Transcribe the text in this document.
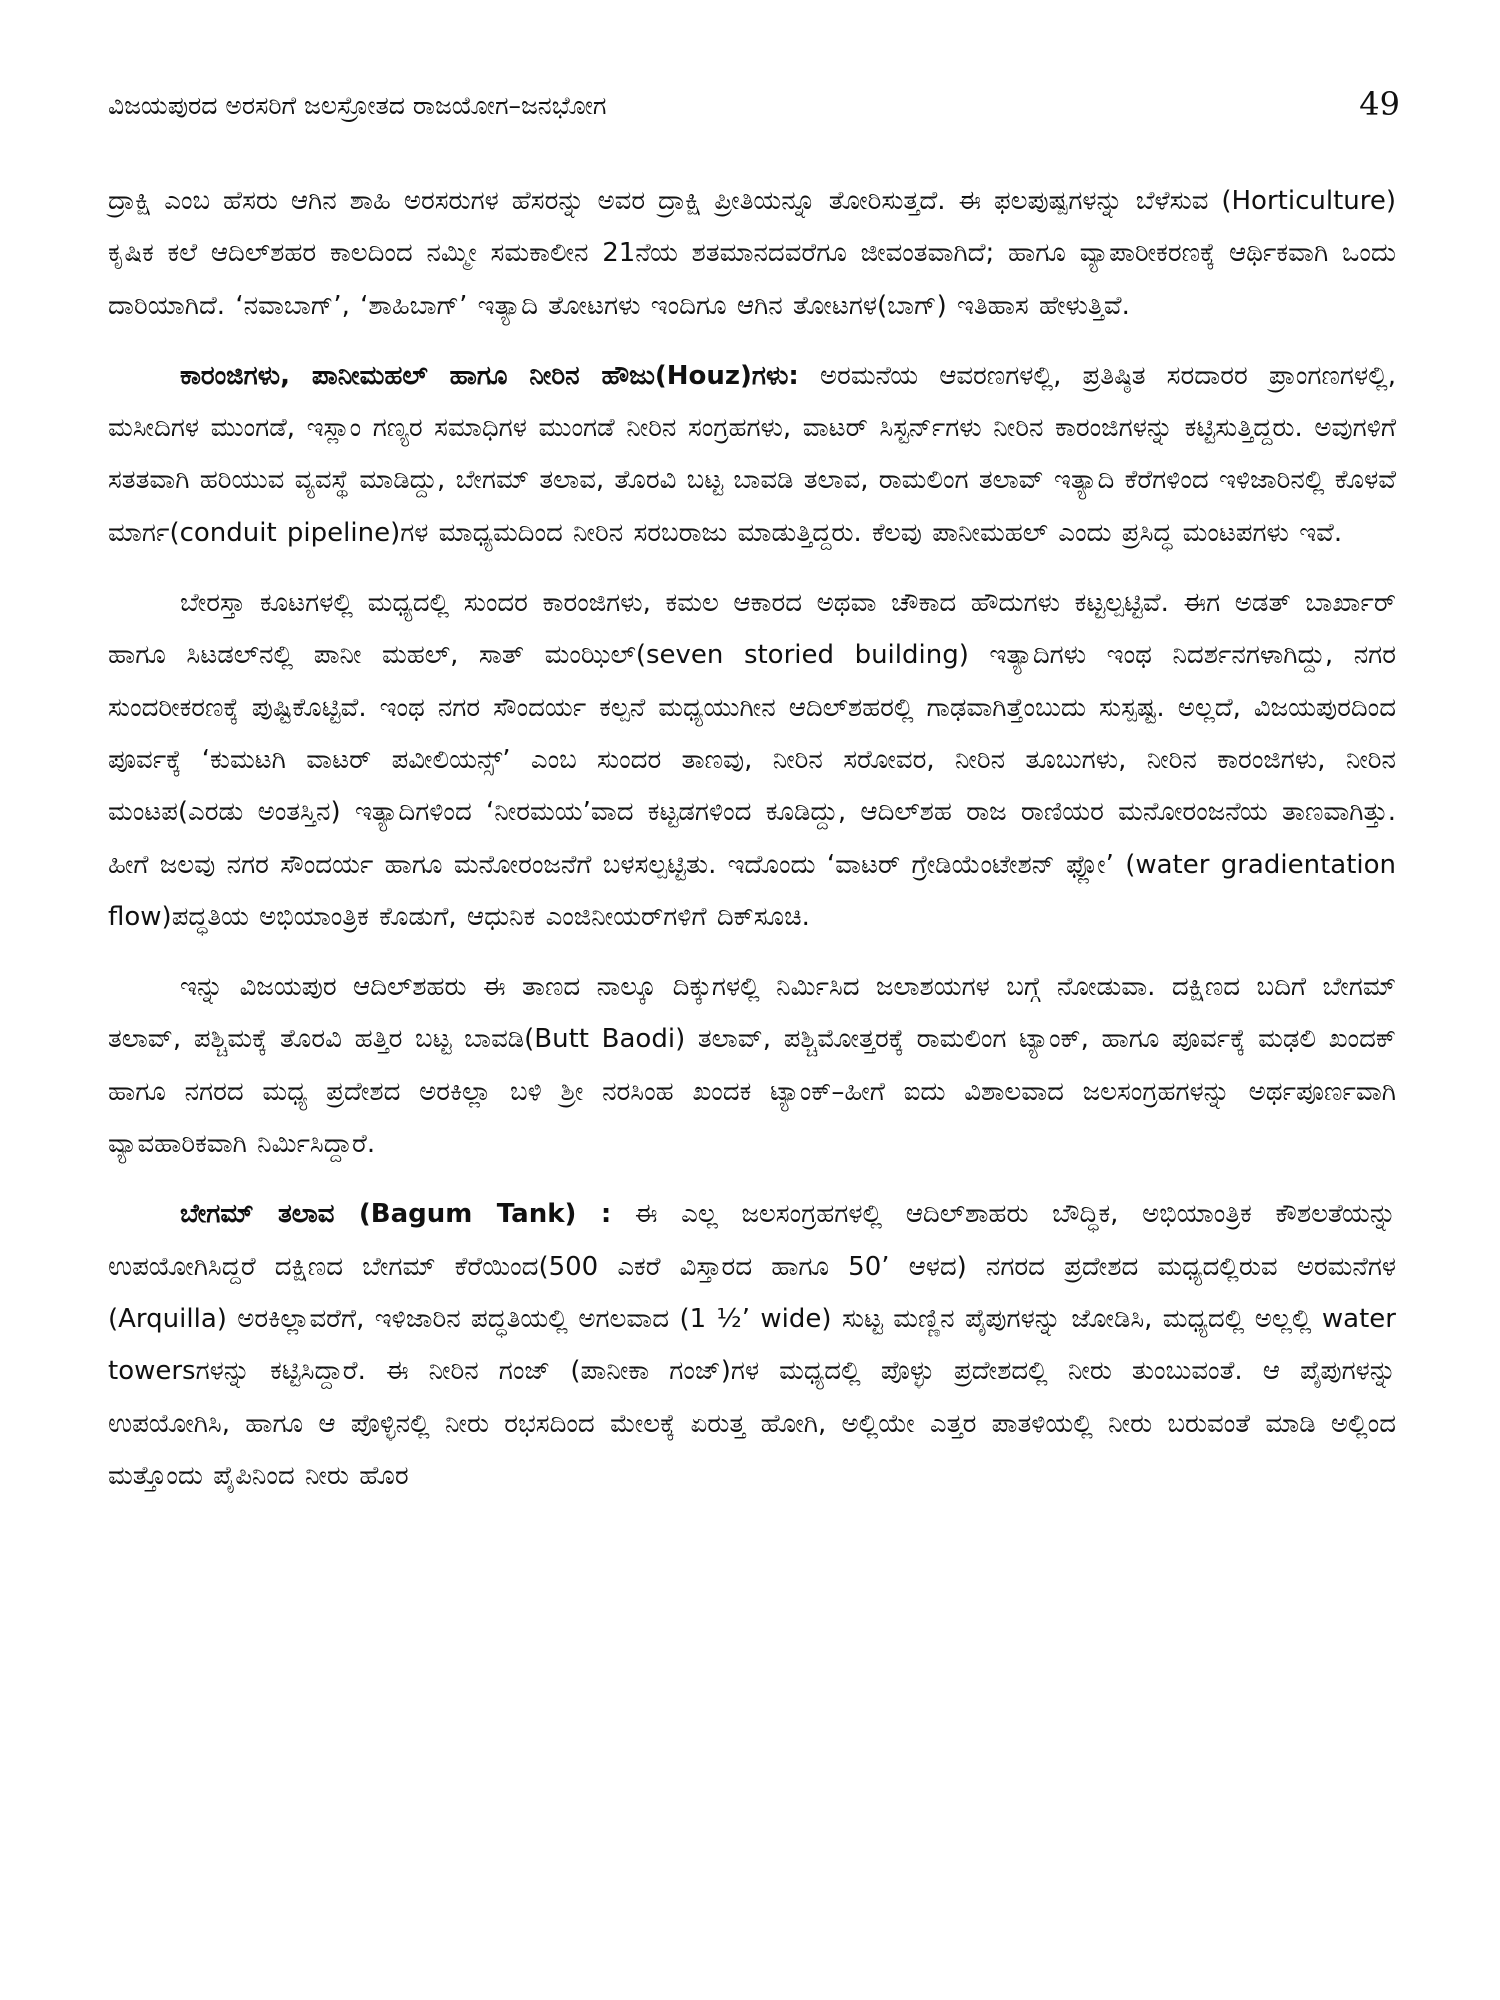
ವಿಜಯಪುರದ ಅರಸರಿಗೆ ಜಲಸ್ರೋತದ ರಾಜಯೋಗ–ಜನಭೋಗ	49

ದ್ರಾಕ್ಷಿ ಎಂಬ ಹೆಸರು ಆಗಿನ ಶಾಹಿ ಅರಸರುಗಳ ಹೆಸರನ್ನು ಅವರ ದ್ರಾಕ್ಷಿ ಪ್ರೀತಿಯನ್ನೂ ತೋರಿಸುತ್ತದೆ. ಈ ಫಲಪುಷ್ಪಗಳನ್ನು ಬೆಳೆಸುವ (Horticulture) ಕೃಷಿಕ ಕಲೆ ಆದಿಲ್‌ಶಹರ ಕಾಲದಿಂದ ನಮ್ಮೀ ಸಮಕಾಲೀನ 21ನೆಯ ಶತಮಾನದವರೆಗೂ ಜೀವಂತವಾಗಿದೆ; ಹಾಗೂ ವ್ಯಾಪಾರೀಕರಣಕ್ಕೆ ಆರ್ಥಿಕವಾಗಿ ಒಂದು ದಾರಿಯಾಗಿದೆ. ‘ನವಾಬಾಗ್’, ‘ಶಾಹಿಬಾಗ್’ ಇತ್ಯಾದಿ ತೋಟಗಳು ಇಂದಿಗೂ ಆಗಿನ ತೋಟಗಳ(ಬಾಗ್) ಇತಿಹಾಸ ಹೇಳುತ್ತಿವೆ.

ಕಾರಂಜಿಗಳು, ಪಾನೀಮಹಲ್ ಹಾಗೂ ನೀರಿನ ಹೌಜು(Houz)ಗಳು: ಅರಮನೆಯ ಆವರಣಗಳಲ್ಲಿ, ಪ್ರತಿಷ್ಠಿತ ಸರದಾರರ ಪ್ರಾಂಗಣಗಳಲ್ಲಿ, ಮಸೀದಿಗಳ ಮುಂಗಡೆ, ಇಸ್ಲಾಂ ಗಣ್ಯರ ಸಮಾಧಿಗಳ ಮುಂಗಡೆ ನೀರಿನ ಸಂಗ್ರಹಗಳು, ವಾಟರ್ ಸಿಸ್ಟರ್ನ್‌ಗಳು ನೀರಿನ ಕಾರಂಜಿಗಳನ್ನು ಕಟ್ಟಿಸುತ್ತಿದ್ದರು. ಅವುಗಳಿಗೆ ಸತತವಾಗಿ ಹರಿಯುವ ವ್ಯವಸ್ಥೆ ಮಾಡಿದ್ದು, ಬೇಗಮ್ ತಲಾವ, ತೊರವಿ ಬಟ್ಟ ಬಾವಡಿ ತಲಾವ, ರಾಮಲಿಂಗ ತಲಾವ್ ಇತ್ಯಾದಿ ಕೆರೆಗಳಿಂದ ಇಳಿಜಾರಿನಲ್ಲಿ ಕೊಳವೆ ಮಾರ್ಗ(conduit pipeline)ಗಳ ಮಾಧ್ಯಮದಿಂದ ನೀರಿನ ಸರಬರಾಜು ಮಾಡುತ್ತಿದ್ದರು. ಕೆಲವು ಪಾನೀಮಹಲ್ ಎಂದು ಪ್ರಸಿದ್ಧ ಮಂಟಪಗಳು ಇವೆ.

ಬೇರಸ್ತಾ ಕೂಟಗಳಲ್ಲಿ ಮಧ್ಯದಲ್ಲಿ ಸುಂದರ ಕಾರಂಜಿಗಳು, ಕಮಲ ಆಕಾರದ ಅಥವಾ ಚೌಕಾದ ಹೌದುಗಳು ಕಟ್ಟಲ್ಪಟ್ಟಿವೆ. ಈಗ ಅಡತ್ ಬಾರ್ಖಾರ್ ಹಾಗೂ ಸಿಟಡಲ್‌ನಲ್ಲಿ ಪಾನೀ ಮಹಲ್, ಸಾತ್ ಮಂಝಿಲ್(seven storied building) ಇತ್ಯಾದಿಗಳು ಇಂಥ ನಿದರ್ಶನಗಳಾಗಿದ್ದು, ನಗರ ಸುಂದರೀಕರಣಕ್ಕೆ ಪುಷ್ಟಿಕೊಟ್ಟಿವೆ. ಇಂಥ ನಗರ ಸೌಂದರ್ಯ ಕಲ್ಪನೆ ಮಧ್ಯಯುಗೀನ ಆದಿಲ್‌ಶಹರಲ್ಲಿ ಗಾಢವಾಗಿತ್ತೆಂಬುದು ಸುಸ್ಪಷ್ಟ. ಅಲ್ಲದೆ, ವಿಜಯಪುರದಿಂದ ಪೂರ್ವಕ್ಕೆ ‘ಕುಮಟಗಿ ವಾಟರ್ ಪವೀಲಿಯನ್ಸ್’ ಎಂಬ ಸುಂದರ ತಾಣವು, ನೀರಿನ ಸರೋವರ, ನೀರಿನ ತೂಬುಗಳು, ನೀರಿನ ಕಾರಂಜಿಗಳು, ನೀರಿನ ಮಂಟಪ(ಎರಡು ಅಂತಸ್ತಿನ) ಇತ್ಯಾದಿಗಳಿಂದ ‘ನೀರಮಯ’ವಾದ ಕಟ್ಟಡಗಳಿಂದ ಕೂಡಿದ್ದು, ಆದಿಲ್‌ಶಹ ರಾಜ ರಾಣಿಯರ ಮನೋರಂಜನೆಯ ತಾಣವಾಗಿತ್ತು. ಹೀಗೆ ಜಲವು ನಗರ ಸೌಂದರ್ಯ ಹಾಗೂ ಮನೋರಂಜನೆಗೆ ಬಳಸಲ್ಪಟ್ಟಿತು. ಇದೊಂದು ‘ವಾಟರ್ ಗ್ರೇಡಿಯೆಂಟೇಶನ್ ಫ್ಲೋ’ (water gradientation flow)ಪದ್ಧತಿಯ ಅಭಿಯಾಂತ್ರಿಕ ಕೊಡುಗೆ, ಆಧುನಿಕ ಎಂಜಿನೀಯರ್‌ಗಳಿಗೆ ದಿಕ್‌ಸೂಚಿ.

ಇನ್ನು ವಿಜಯಪುರ ಆದಿಲ್‌ಶಹರು ಈ ತಾಣದ ನಾಲ್ಕೂ ದಿಕ್ಕುಗಳಲ್ಲಿ ನಿರ್ಮಿಸಿದ ಜಲಾಶಯಗಳ ಬಗ್ಗೆ ನೋಡುವಾ. ದಕ್ಷಿಣದ ಬದಿಗೆ ಬೇಗಮ್ ತಲಾವ್, ಪಶ್ಚಿಮಕ್ಕೆ ತೊರವಿ ಹತ್ತಿರ ಬಟ್ಟ ಬಾವಡಿ(Butt Baodi) ತಲಾವ್, ಪಶ್ಚಿಮೋತ್ತರಕ್ಕೆ ರಾಮಲಿಂಗ ಟ್ಯಾಂಕ್, ಹಾಗೂ ಪೂರ್ವಕ್ಕೆ ಮಢಲಿ ಖಂದಕ್ ಹಾಗೂ ನಗರದ ಮಧ್ಯ ಪ್ರದೇಶದ ಅರಕಿಲ್ಲಾ ಬಳಿ ಶ್ರೀ ನರಸಿಂಹ ಖಂದಕ ಟ್ಯಾಂಕ್–ಹೀಗೆ ಐದು ವಿಶಾಲವಾದ ಜಲಸಂಗ್ರಹಗಳನ್ನು ಅರ್ಥಪೂರ್ಣವಾಗಿ ವ್ಯಾವಹಾರಿಕವಾಗಿ ನಿರ್ಮಿಸಿದ್ದಾರೆ.

ಬೇಗಮ್ ತಲಾವ (Bagum Tank) : ಈ ಎಲ್ಲ ಜಲಸಂಗ್ರಹಗಳಲ್ಲಿ ಆದಿಲ್‌ಶಾಹರು ಬೌದ್ಧಿಕ, ಅಭಿಯಾಂತ್ರಿಕ ಕೌಶಲತೆಯನ್ನು ಉಪಯೋಗಿಸಿದ್ದರೆ ದಕ್ಷಿಣದ ಬೇಗಮ್ ಕೆರೆಯಿಂದ(500 ಎಕರೆ ವಿಸ್ತಾರದ ಹಾಗೂ 50’ ಆಳದ) ನಗರದ ಪ್ರದೇಶದ ಮಧ್ಯದಲ್ಲಿರುವ ಅರಮನೆಗಳ (Arquilla) ಅರಕಿಲ್ಲಾವರೆಗೆ, ಇಳಿಜಾರಿನ ಪದ್ಧತಿಯಲ್ಲಿ ಅಗಲವಾದ (1 ½’ wide) ಸುಟ್ಟ ಮಣ್ಣಿನ ಪೈಪುಗಳನ್ನು ಜೋಡಿಸಿ, ಮಧ್ಯದಲ್ಲಿ ಅಲ್ಲಲ್ಲಿ water towersಗಳನ್ನು ಕಟ್ಟಿಸಿದ್ದಾರೆ. ಈ ನೀರಿನ ಗಂಜ್ (ಪಾನೀಕಾ ಗಂಜ್)ಗಳ ಮಧ್ಯದಲ್ಲಿ ಪೊಳ್ಳು ಪ್ರದೇಶದಲ್ಲಿ ನೀರು ತುಂಬುವಂತೆ. ಆ ಪೈಪುಗಳನ್ನು ಉಪಯೋಗಿಸಿ, ಹಾಗೂ ಆ ಪೊಳ್ಳಿನಲ್ಲಿ ನೀರು ರಭಸದಿಂದ ಮೇಲಕ್ಕೆ ಏರುತ್ತ ಹೋಗಿ, ಅಲ್ಲಿಯೇ ಎತ್ತರ ಪಾತಳಿಯಲ್ಲಿ ನೀರು ಬರುವಂತೆ ಮಾಡಿ ಅಲ್ಲಿಂದ ಮತ್ತೊಂದು ಪೈಪಿನಿಂದ ನೀರು ಹೊರ
